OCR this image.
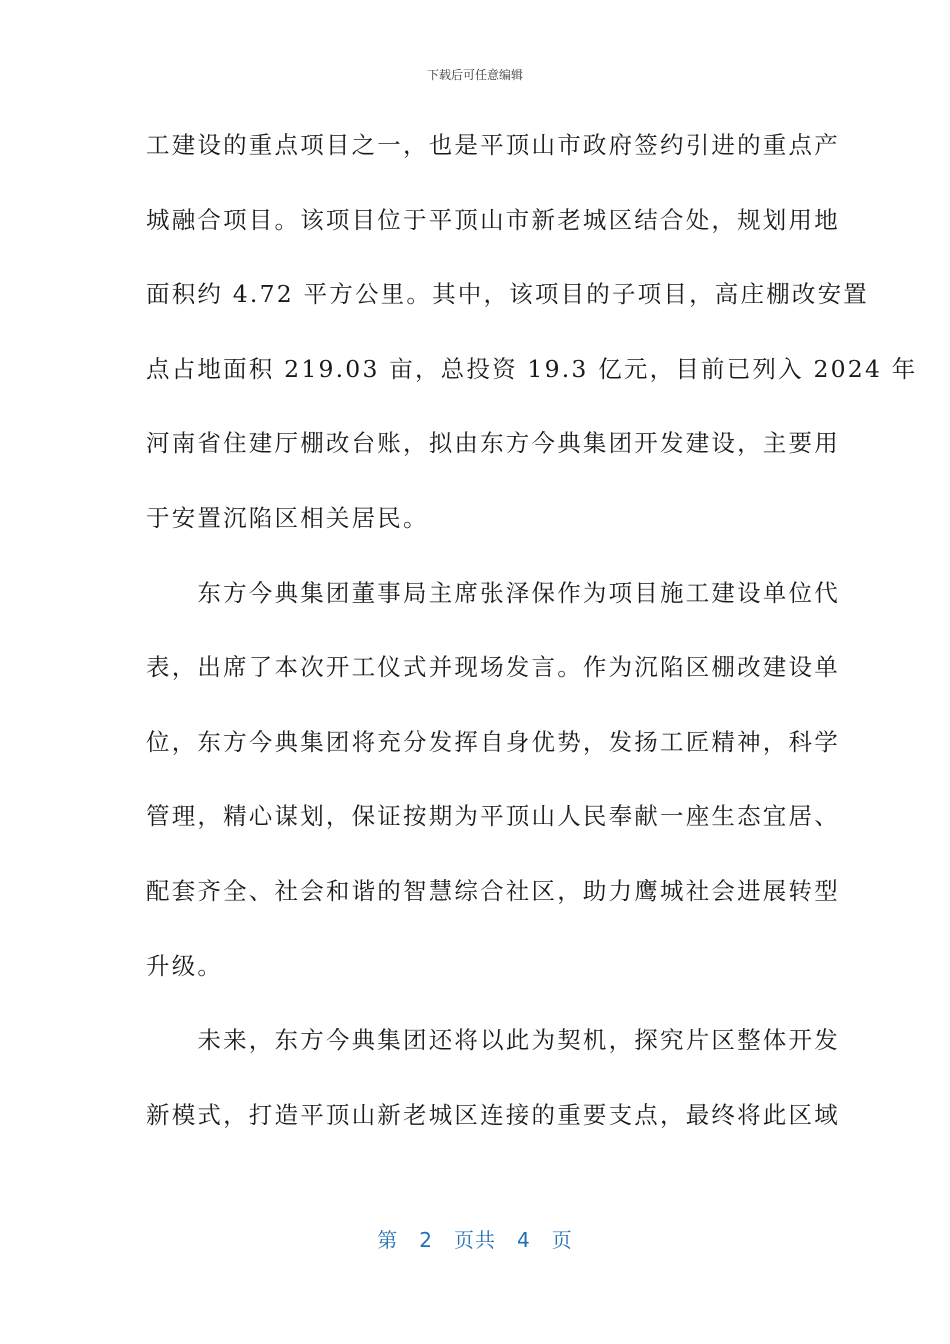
下载后可任意编辑
工建设的重点项目之一，也是平顶山市政府签约引进的重点产
城融合项目。该项目位于平顶山市新老城区结合处，规划用地
面积约 4.72 平方公里。其中，该项目的子项目，高庄棚改安置
点占地面积 219.03 亩，总投资 19.3 亿元，目前已列入 2024 年
河南省住建厅棚改台账，拟由东方今典集团开发建设，主要用
于安置沉陷区相关居民。
　　东方今典集团董事局主席张泽保作为项目施工建设单位代
表，出席了本次开工仪式并现场发言。作为沉陷区棚改建设单
位，东方今典集团将充分发挥自身优势，发扬工匠精神，科学
管理，精心谋划，保证按期为平顶山人民奉献一座生态宜居、
配套齐全、社会和谐的智慧综合社区，助力鹰城社会进展转型
升级。
　　未来，东方今典集团还将以此为契机，探究片区整体开发
新模式，打造平顶山新老城区连接的重要支点，最终将此区域
第　2　页共　4　页
